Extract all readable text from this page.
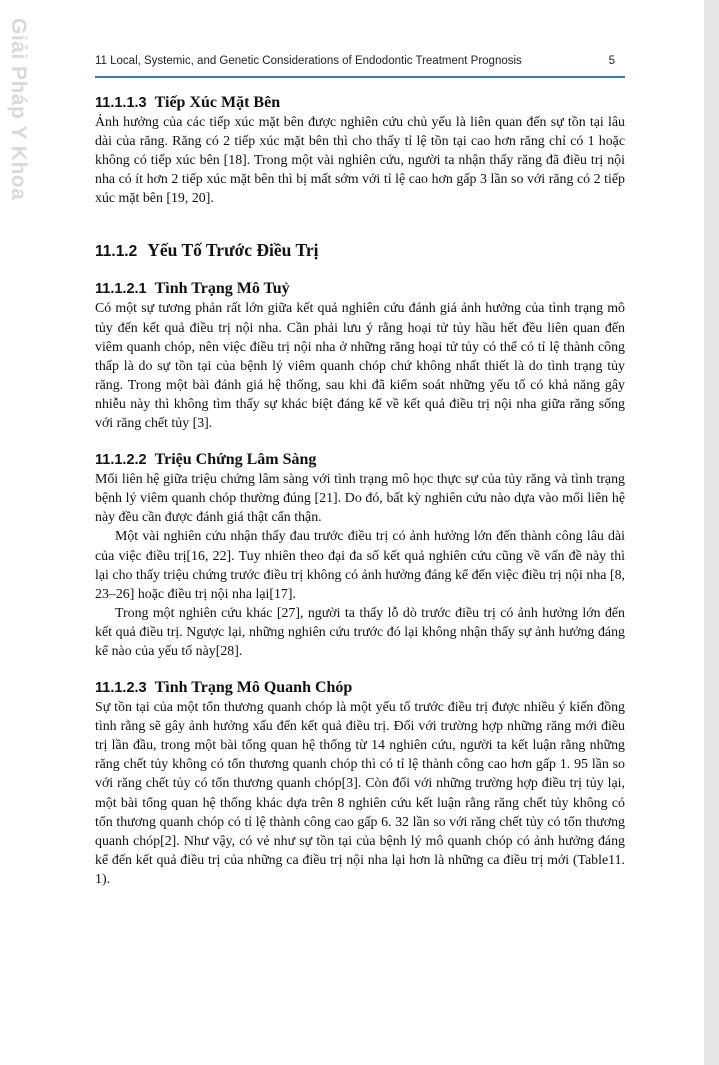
Giải Pháp Y Khoa	11 Local, Systemic, and Genetic Considerations of Endodontic Treatment Prognosis	5
11.1.1.3 Tiếp Xúc Mặt Bên

Ảnh hưởng của các tiếp xúc mặt bên được nghiên cứu chủ yếu là liên quan đến sự tồn tại lâu dài của răng. Răng có 2 tiếp xúc mặt bên thì cho thấy tỉ lệ tồn tại cao hơn răng chỉ có 1 hoặc không có tiếp xúc bên [18]. Trong một vài nghiên cứu, người ta nhận thấy răng đã điều trị nội nha có ít hơn 2 tiếp xúc mặt bên thì bị mất sớm với tỉ lệ cao hơn gấp 3 lần so với răng có 2 tiếp xúc mặt bên [19, 20].

11.1.2 Yếu Tố Trước Điều Trị
11.1.2.1 Tình Trạng Mô Tuỷ

Có một sự tương phản rất lớn giữa kết quả nghiên cứu đánh giá ảnh hưởng của tình trạng mô tủy đến kết quả điều trị nội nha. Cần phải lưu ý rằng hoại tử tủy hầu hết đều liên quan đến viêm quanh chóp, nên việc điều trị nội nha ở những răng hoại tử tủy có thể có tỉ lệ thành công thấp là do sự tồn tại của bệnh lý viêm quanh chóp chứ không nhất thiết là do tình trạng tủy răng. Trong một bài đánh giá hệ thống, sau khi đã kiểm soát những yếu tố có khả năng gây nhiễu này thì không tìm thấy sự khác biệt đáng kể về kết quả điều trị nội nha giữa răng sống với răng chết tủy [3].

11.1.2.2 Triệu Chứng Lâm Sàng

Mối liên hệ giữa triệu chứng lâm sàng với tình trạng mô học thực sự của tủy răng và tình trạng bệnh lý viêm quanh chóp thường đúng [21]. Do đó, bất kỳ nghiên cứu nào dựa vào mối liên hệ này đều cần được đánh giá thật cẩn thận.

Một vài nghiên cứu nhận thấy đau trước điều trị có ảnh hưởng lớn đến thành công lâu dài của việc điều trị[16, 22]. Tuy nhiên theo đại đa số kết quả nghiên cứu cũng về vấn đề này thì lại cho thấy triệu chứng trước điều trị không có ảnh hưởng đáng kể đến việc điều trị nội nha [8, 23–26] hoặc điều trị nội nha lại[17].

Trong một nghiên cứu khác [27], người ta thấy lỗ dò trước điều trị có ảnh hưởng lớn đến kết quả điều trị. Ngược lại, những nghiên cứu trước đó lại không nhận thấy sự ảnh hưởng đáng kể nào của yếu tố này[28].

11.1.2.3 Tình Trạng Mô Quanh Chóp

Sự tồn tại của một tổn thương quanh chóp là một yếu tố trước điều trị được nhiều ý kiến đồng tình rằng sẽ gây ảnh hưởng xấu đến kết quả điều trị. Đối với trường hợp những răng mới điều trị lần đầu, trong một bài tổng quan hệ thống từ 14 nghiên cứu, người ta kết luận rằng những răng chết tủy không có tổn thương quanh chóp thì có tỉ lệ thành công cao hơn gấp 1. 95 lần so với răng chết tủy có tổn thương quanh chóp[3]. Còn đối với những trường hợp điều trị tủy lại, một bài tổng quan hệ thống khác dựa trên 8 nghiên cứu kết luận rằng răng chết tủy không có tổn thương quanh chóp có tỉ lệ thành công cao gấp 6. 32 lần so với răng chết tủy có tổn thương quanh chóp[2]. Như vậy, có vẻ như sự tồn tại của bệnh lý mô quanh chóp có ảnh hưởng đáng kể đến kết quả điều trị của những ca điều trị nội nha lại hơn là những ca điều trị mới (Table11. 1).
